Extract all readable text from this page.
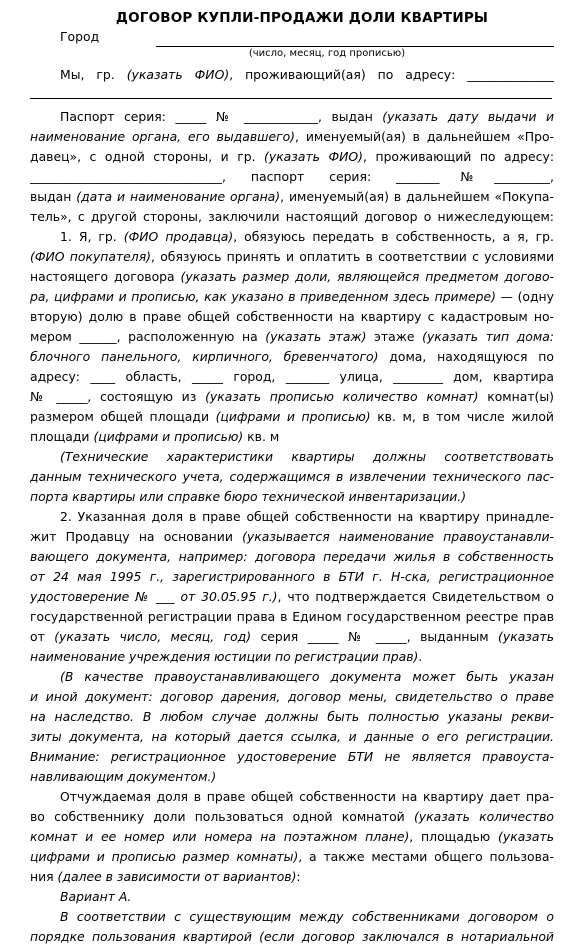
ДОГОВОР КУПЛИ-ПРОДАЖИ ДОЛИ КВАРТИРЫ
Город
(число, месяц, год прописью)
Мы, гр. (указать ФИО), проживающий(ая) по адресу: ______________
Паспорт серия: _____ № ____________, выдан (указать дату выдачи и
наименование органа, его выдавшего), именуемый(ая) в дальнейшем «Про-
давец», с одной стороны, и гр. (указать ФИО), проживающий по адресу:
_______________________________, паспорт серия: _______№_________,
выдан (дата и наименование органа), именуемый(ая) в дальнейшем «Покупа-
тель», с другой стороны, заключили настоящий договор о нижеследующем:
1. Я, гр. (ФИО продавца), обязуюсь передать в собственность, а я, гр.
(ФИО покупателя), обязуюсь принять и оплатить в соответствии с условиями
настоящего договора (указать размер доли, являющейся предметом догово-
ра, цифрами и прописью, как указано в приведенном здесь примере) — (одну
вторую) долю в праве общей собственности на квартиру с кадастровым но-
мером ______, расположенную на (указать этаж) этаже (указать тип дома:
блочного панельного, кирпичного, бревенчатого) дома, находящуюся по
адресу: ____ область, _____ город, _______ улица, ________ дом, квартира
№ _____, состоящую из (указать прописью количество комнат) комнат(ы)
размером общей площади (цифрами и прописью) кв. м, в том числе жилой
площади (цифрами и прописью) кв. м
(Технические характеристики квартиры должны соответствовать
данным технического учета, содержащимся в извлечении технического пас-
порта квартиры или справке бюро технической инвентаризации.)
2. Указанная доля в праве общей собственности на квартиру принадле-
жит Продавцу на основании (указывается наименование правоустанавли-
вающего документа, например: договора передачи жилья в собственность
от 24 мая 1995 г., зарегистрированного в БТИ г. Н-ска, регистрационное
удостоверение № ___ от 30.05.95 г.), что подтверждается Свидетельством о
государственной регистрации права в Едином государственном реестре прав
от (указать число, месяц, год) серия _____ № _____, выданным (указать
наименование учреждения юстиции по регистрации прав).
(В качестве правоустанавливающего документа может быть указан
и иной документ: договор дарения, договор мены, свидетельство о праве
на наследство. В любом случае должны быть полностью указаны рекви-
зиты документа, на который дается ссылка, и данные о его регистрации.
Внимание: регистрационное удостоверение БТИ не является правоуста-
навливающим документом.)
Отчуждаемая доля в праве общей собственности на квартиру дает пра-
во собственнику доли пользоваться одной комнатой (указать количество
комнат и ее номер или номера на поэтажном плане), площадью (указать
цифрами и прописью размер комнаты), а также местами общего пользова-
ния (далее в зависимости от вариантов):
Вариант А.
В соответствии с существующим между собственниками договором о
порядке пользования квартирой (если договор заключался в нотариальной
